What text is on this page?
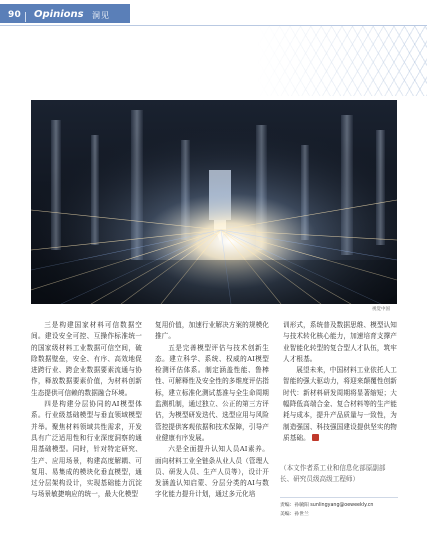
90 Opinions 洞见
视觉中国

三是构建国家材料可信数据空间。建设安全可控、互操作标准统一的国家级材料工业数据可信空间，破除数据壁垒，安全、有序、高效地促进跨行业、跨企业数据要素流通与协作，释放数据要素价值，为材料创新生态提供可信赖的数据融合环境。

四是构建分层协同的AI模型体系。行业级基础模型与垂直领域模型并举。聚焦材料领域共性需求，开发具有广泛适用性和行业深度洞察的通用基础模型。同时，针对特定研究、生产、应用场景，构建高度解耦、可复用、易集成的模块化垂直模型，通过分层架构设计，实现基础能力沉淀与场景敏捷响应的统一，最大化模型

复用价值，加速行业解决方案的规模化推广。

五是完善模型评估与技术创新生态。建立科学、系统、权威的AI模型检测评估体系。制定涵盖性能、鲁棒性、可解释性及安全性的多维度评估指标，建立标准化测试基准与全生命周期监测机制，通过独立、公正的第三方评估，为模型研发迭代、选型应用与风险管控提供客观依据和技术保障，引导产业健康有序发展。

六是全面提升认知人员AI素养。面向材料工业全链条从业人员（管理人员、研发人员、生产人员等），设计开发涵盖认知启蒙、分层分类的AI与数字化能力提升计划，通过多元化培

训形式，系统普及数据思维、模型认知与技术转化核心能力，加速培育支撑产业智能化转型的复合型人才队伍，筑牢人才根基。

展望未来，中国材料工业依托人工智能的强大驱动力，将迎来颠覆性创新时代：新材料研发周期将显著缩短；大幅降低高端合金、复合材料等的生产能耗与成本，提升产品质量与一致性，为制造强国、科技强国建设提供坚实的物质基础。

（本文作者系工业和信息化部原副部长、研究员级高级工程师）
责编：孙毓阳 sunlingyang@oeweekly.cn
美编：孙世兰
